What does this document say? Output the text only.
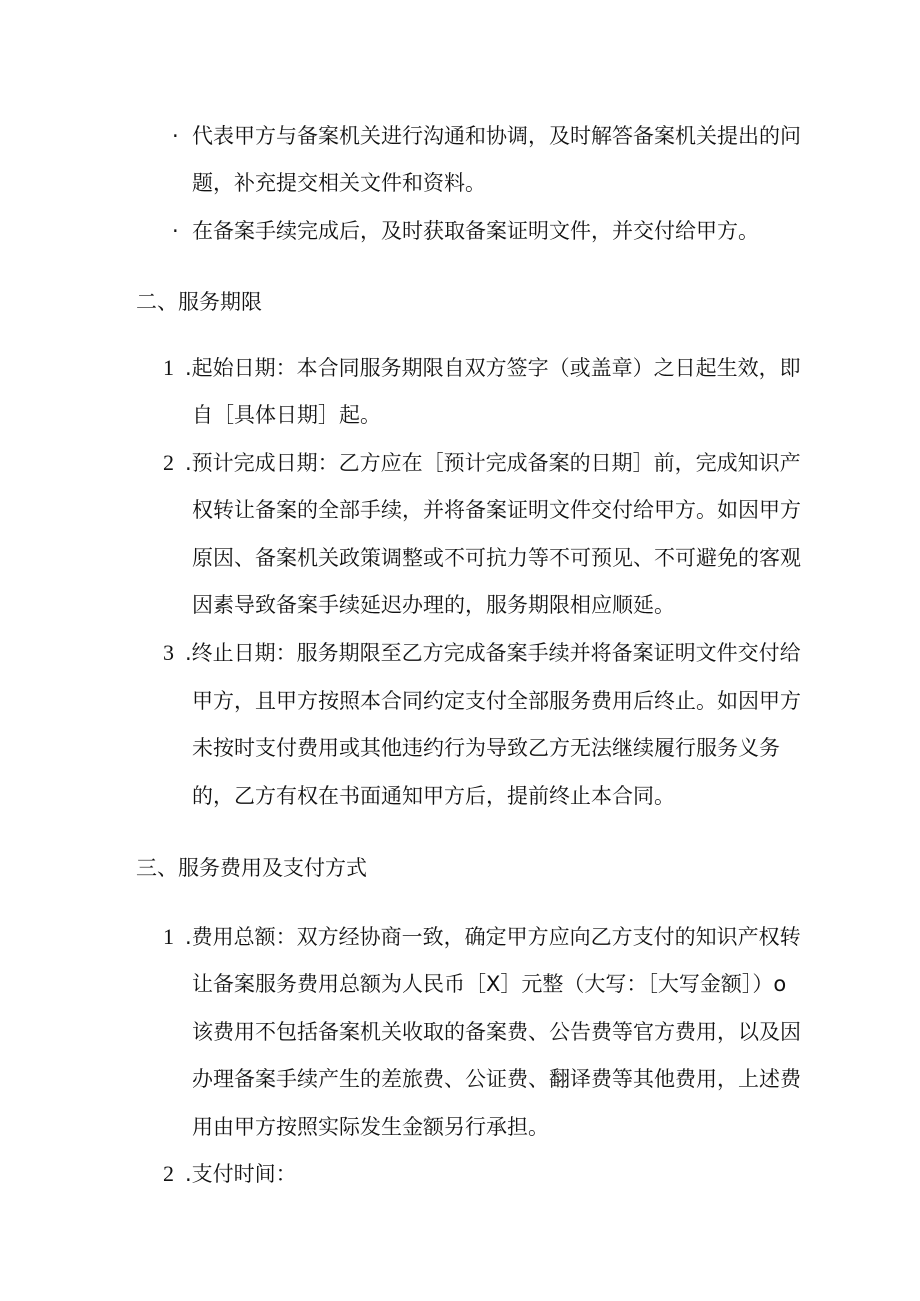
· 代表甲方与备案机关进行沟通和协调，及时解答备案机关提出的问
题，补充提交相关文件和资料。
· 在备案手续完成后，及时获取备案证明文件，并交付给甲方。
二、服务期限
1 .起始日期：本合同服务期限自双方签字（或盖章）之日起生效，即
自［具体日期］起。
2 .预计完成日期：乙方应在［预计完成备案的日期］前，完成知识产
权转让备案的全部手续，并将备案证明文件交付给甲方。如因甲方
原因、备案机关政策调整或不可抗力等不可预见、不可避免的客观
因素导致备案手续延迟办理的，服务期限相应顺延。
3 .终止日期：服务期限至乙方完成备案手续并将备案证明文件交付给
甲方，且甲方按照本合同约定支付全部服务费用后终止。如因甲方
未按时支付费用或其他违约行为导致乙方无法继续履行服务义务
的，乙方有权在书面通知甲方后，提前终止本合同。
三、服务费用及支付方式
1 .费用总额：双方经协商一致，确定甲方应向乙方支付的知识产权转
让备案服务费用总额为人民币［X］元整（大写：［大写金额］）o
该费用不包括备案机关收取的备案费、公告费等官方费用，以及因
办理备案手续产生的差旅费、公证费、翻译费等其他费用，上述费
用由甲方按照实际发生金额另行承担。
2 .支付时间：
